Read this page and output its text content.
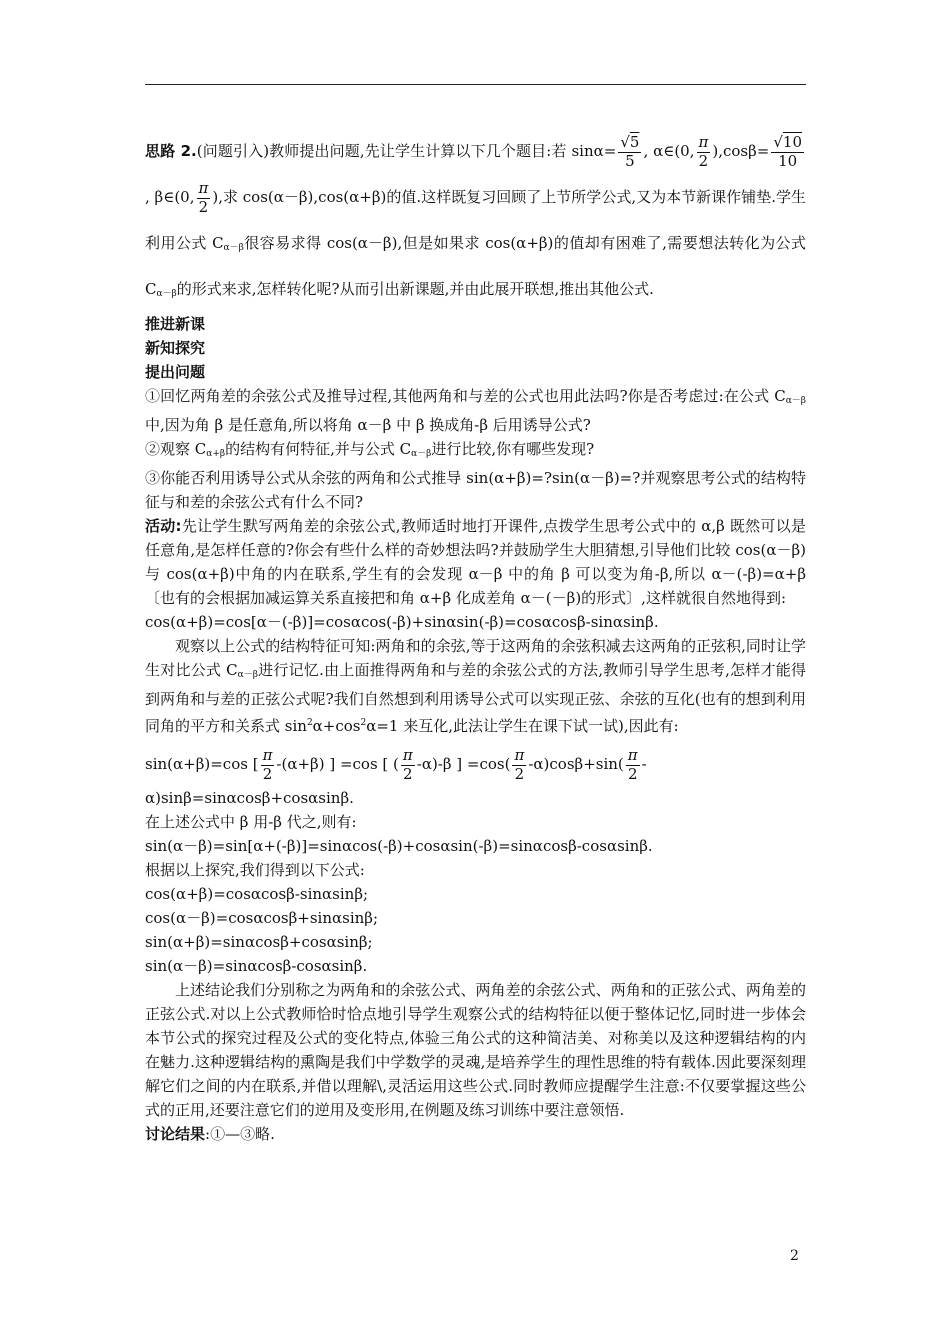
思路 2.(问题引入)教师提出问题,先让学生计算以下几个题目:若 $\sin\alpha= \frac{√5}{5}$ , α∈(0, $\frac{\pi}{2} ),\cos\beta= \frac{√10}{10}$
, β∈(0, $\frac{\pi}{2}$ ),求 cos(α－β),cos(α+β)的值.这样既复习回顾了上节所学公式,又为本节新课作铺垫.学生利用公式 $C_{\alpha-\beta}$很容易求得 cos(α－β),但是如果求 cos(α+β)的值却有困难了,需要想法转化为公式 $C_{\alpha-\beta}$的形式来求,怎样转化呢?从而引出新课题,并由此展开联想,推出其他公式.

推进新课

新知探究

提出问题

①回忆两角差的余弦公式及推导过程,其他两角和与差的公式也用此法吗?你是否考虑过:在公式 $C_{\alpha-\beta}$中,因为角 β 是任意角,所以将角 α－β 中 β 换成角-β 后用诱导公式?

②观察 $C_{\alpha+\beta}$的结构有何特征,并与公式 $C_{\alpha-\beta}$进行比较,你有哪些发现?

③你能否利用诱导公式从余弦的两角和公式推导 sin(α+β)=?sin(α－β)=?并观察思考公式的结构特征与和差的余弦公式有什么不同?

活动:先让学生默写两角差的余弦公式,教师适时地打开课件,点拨学生思考公式中的 α,β 既然可以是任意角,是怎样任意的?你会有些什么样的奇妙想法吗?并鼓励学生大胆猜想,引导他们比较 cos(α－β)与 cos(α+β)中角的内在联系,学生有的会发现 α－β 中的角 β 可以变为角-β,所以 α－(-β)=α+β〔也有的会根据加减运算关系直接把和角 α+β 化成差角 α－(－β)的形式〕,这样就很自然地得到:

cos(α+β)=cos[α－(-β)]=cosαcos(-β)+sinαsin(-β)=cosαcosβ-sinαsinβ.

观察以上公式的结构特征可知:两角和的余弦,等于这两角的余弦积减去这两角的正弦积,同时让学生对比公式 $C_{\alpha-\beta}$进行记忆.由上面推得两角和与差的余弦公式的方法,教师引导学生思考,怎样才能得到两角和与差的正弦公式呢?我们自然想到利用诱导公式可以实现正弦、余弦的互化(也有的想到利用同角的平方和关系式 $\sin^2\alpha+\cos^2\alpha=1$ 来互化,此法让学生在课下试一试),因此有:

sin(α+β)=cos [ $\frac{\pi}{2} -(\alpha+\beta)$ ] =cos [ ( $\frac{\pi}{2} -\alpha)-\beta$ ] $=\cos( \frac{\pi}{2} -\alpha)\cos\beta+\sin( \frac{\pi}{2}$ -

α)sinβ=sinαcosβ+cosαsinβ.

在上述公式中 β 用-β 代之,则有:

sin(α－β)=sin[α+(-β)]=sinαcos(-β)+cosαsin(-β)=sinαcosβ-cosαsinβ.

根据以上探究,我们得到以下公式:

cos(α+β)=cosαcosβ-sinαsinβ;

cos(α－β)=cosαcosβ+sinαsinβ;

sin(α+β)=sinαcosβ+cosαsinβ;

sin(α－β)=sinαcosβ-cosαsinβ.

上述结论我们分别称之为两角和的余弦公式、两角差的余弦公式、两角和的正弦公式、两角差的正弦公式.对以上公式教师恰时恰点地引导学生观察公式的结构特征以便于整体记忆,同时进一步体会本节公式的探究过程及公式的变化特点,体验三角公式的这种简洁美、对称美以及这种逻辑结构的内在魅力.这种逻辑结构的熏陶是我们中学数学的灵魂,是培养学生的理性思维的特有载体.因此要深刻理解它们之间的内在联系,并借以理解\,灵活运用这些公式.同时教师应提醒学生注意:不仅要掌握这些公式的正用,还要注意它们的逆用及变形用,在例题及练习训练中要注意领悟.

讨论结果:①—③略.

2
